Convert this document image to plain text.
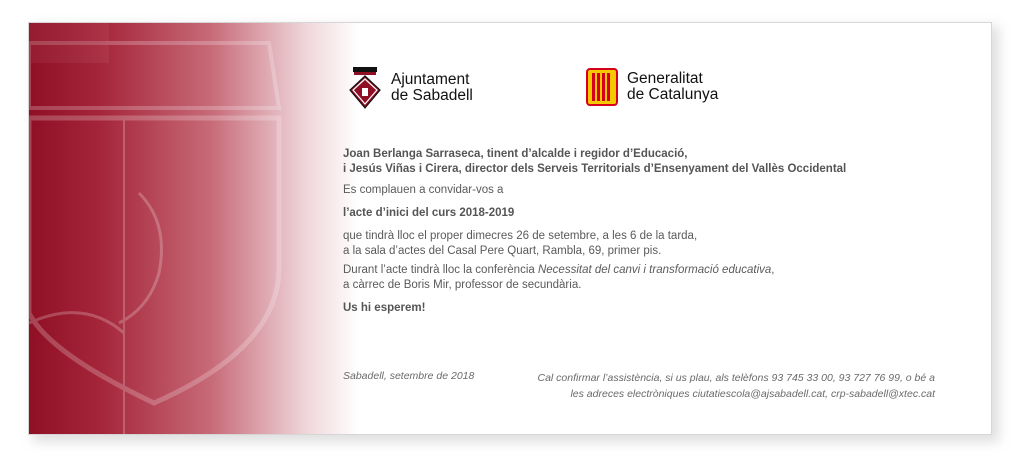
Ajuntament
de Sabadell
Generalitat
de Catalunya
Joan Berlanga Sarraseca, tinent d’alcalde i regidor d’Educació,
i Jesús Viñas i Cirera, director dels Serveis Territorials d’Ensenyament del Vallès Occidental
Es complauen a convidar-vos a
l’acte d’inici del curs 2018-2019
que tindrà lloc el proper dimecres 26 de setembre, a les 6 de la tarda,
a la sala d’actes del Casal Pere Quart, Rambla, 69, primer pis.
Durant l’acte tindrà lloc la conferència Necessitat del canvi i transformació educativa,
a càrrec de Boris Mir, professor de secundària.
Us hi esperem!
Sabadell, setembre de 2018	Cal confirmar l’assistència, si us plau, als telèfons 93 745 33 00, 93 727 76 99, o bé a
les adreces electròniques ciutatiescola@ajsabadell.cat, crp-sabadell@xtec.cat
